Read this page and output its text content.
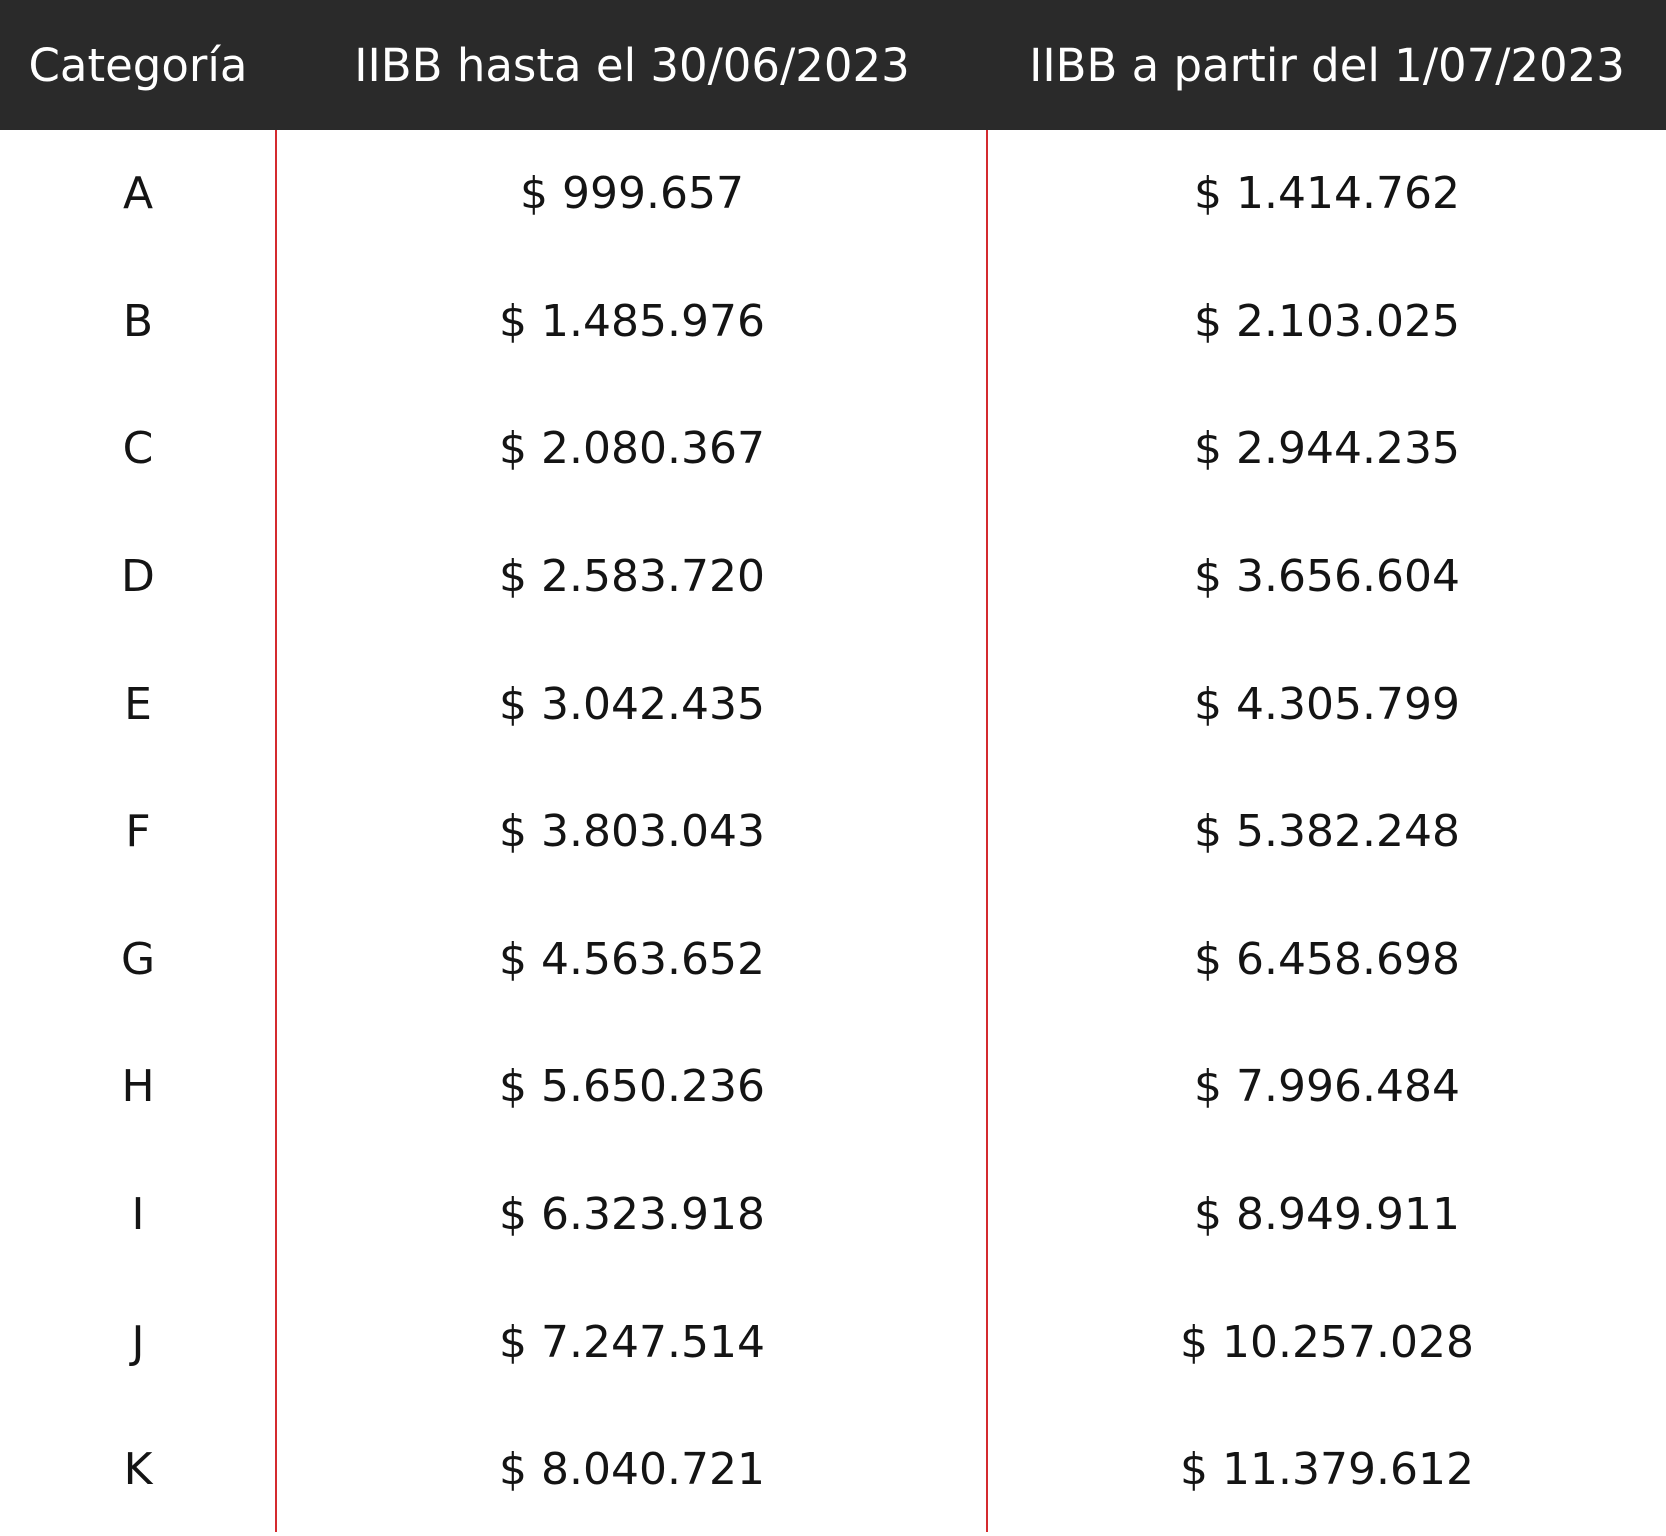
Categoría	IIBB hasta el 30/06/2023	IIBB a partir del 1/07/2023
A	$ 999.657	$ 1.414.762
B	$ 1.485.976	$ 2.103.025
C	$ 2.080.367	$ 2.944.235
D	$ 2.583.720	$ 3.656.604
E	$ 3.042.435	$ 4.305.799
F	$ 3.803.043	$ 5.382.248
G	$ 4.563.652	$ 6.458.698
H	$ 5.650.236	$ 7.996.484
I	$ 6.323.918	$ 8.949.911
J	$ 7.247.514	$ 10.257.028
K	$ 8.040.721	$ 11.379.612
